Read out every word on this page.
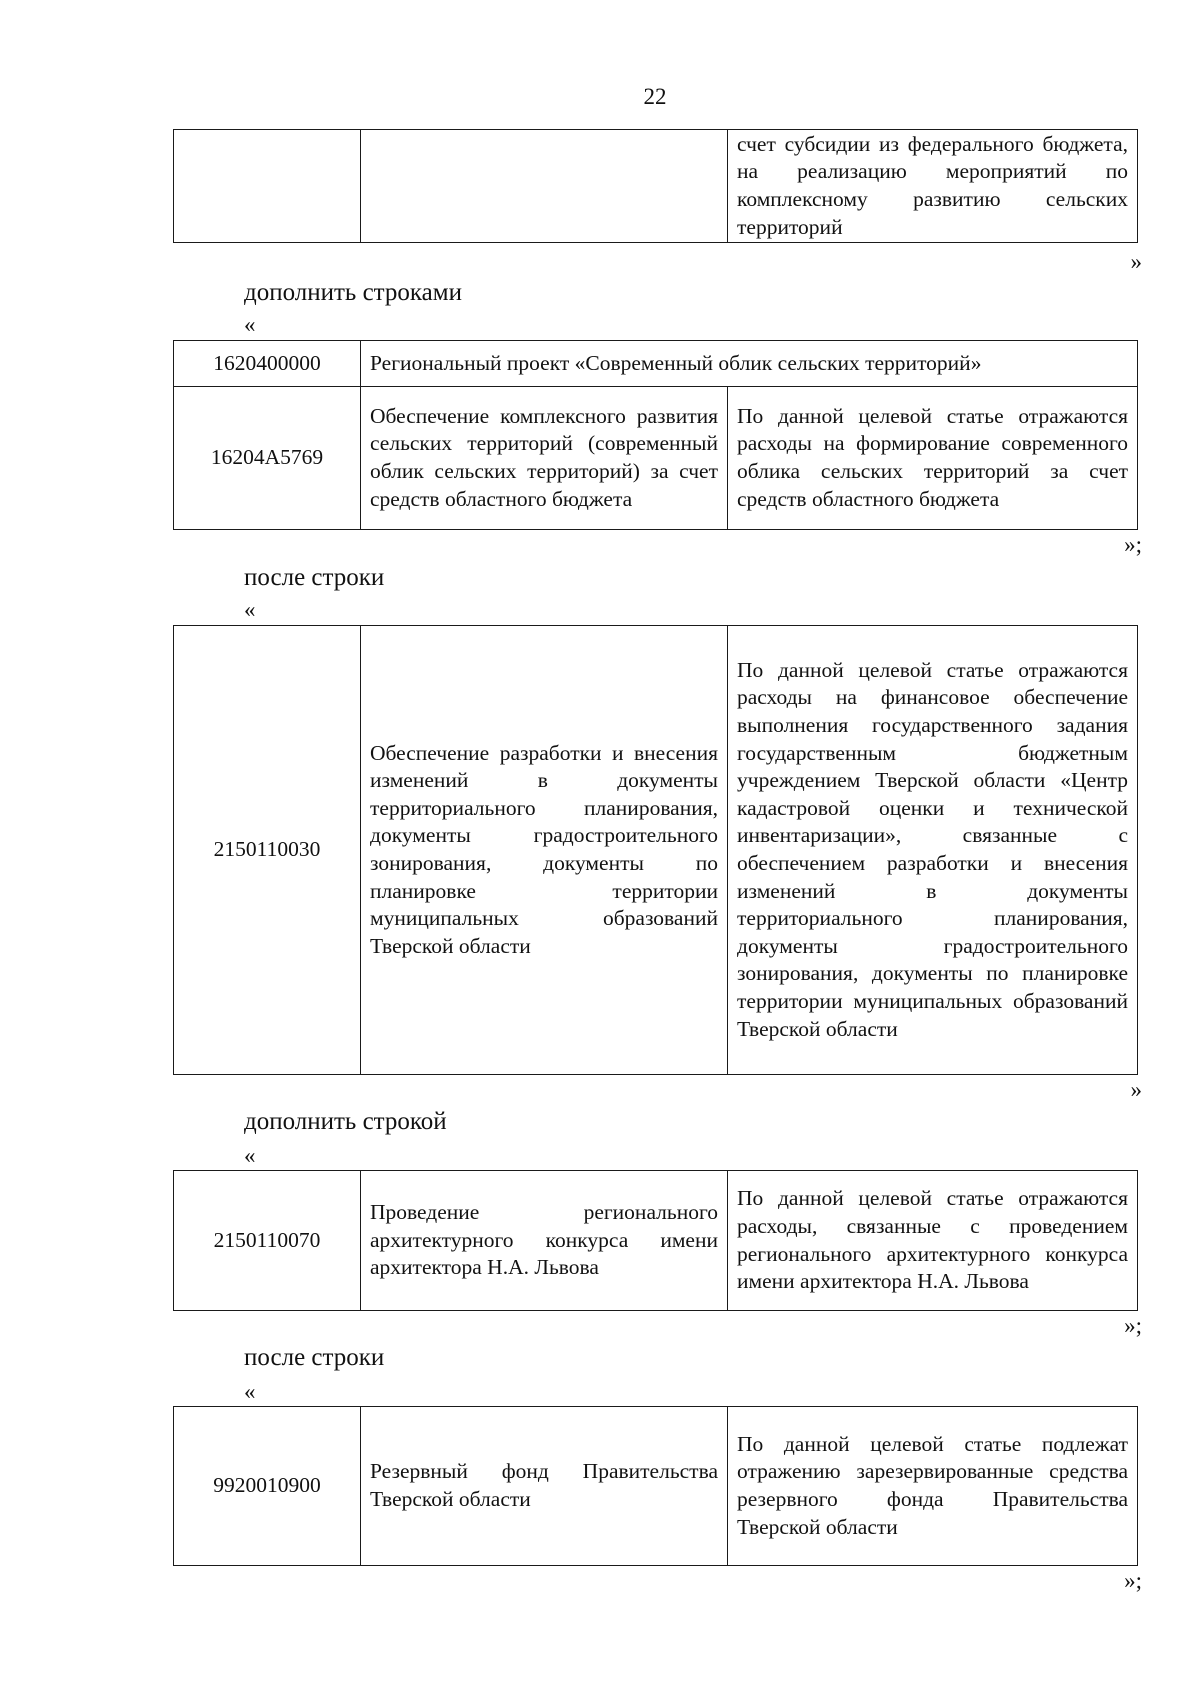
22
		счет субсидии из федерального бюджета, на реализацию мероприятий по комплексному развитию сельских территорий
»
дополнить строками
«
1620400000	Региональный проект «Современный облик сельских территорий»	
16204А5769	Обеспечение комплексного развития сельских территорий (современный облик сельских территорий) за счет средств областного бюджета	По данной целевой статье отражаются расходы на формирование современного облика сельских территорий за счет средств областного бюджета
»;
после строки
«
2150110030	Обеспечение разработки и внесения изменений в документы территориального планирования, документы градостроительного зонирования, документы по планировке территории муниципальных образований Тверской области	По данной целевой статье отражаются расходы на финансовое обеспечение выполнения государственного задания государственным бюджетным учреждением Тверской области «Центр кадастровой оценки и технической инвентаризации», связанные с обеспечением разработки и внесения изменений в документы территориального планирования, документы градостроительного зонирования, документы по планировке территории муниципальных образований Тверской области
»
дополнить строкой
«
2150110070	Проведение регионального архитектурного конкурса имени архитектора Н.А. Львова	По данной целевой статье отражаются расходы, связанные с проведением регионального архитектурного конкурса имени архитектора Н.А. Львова
»;
после строки
«
9920010900	Резервный фонд Правительства Тверской области	По данной целевой статье подлежат отражению зарезервированные средства резервного фонда Правительства Тверской области
»;
